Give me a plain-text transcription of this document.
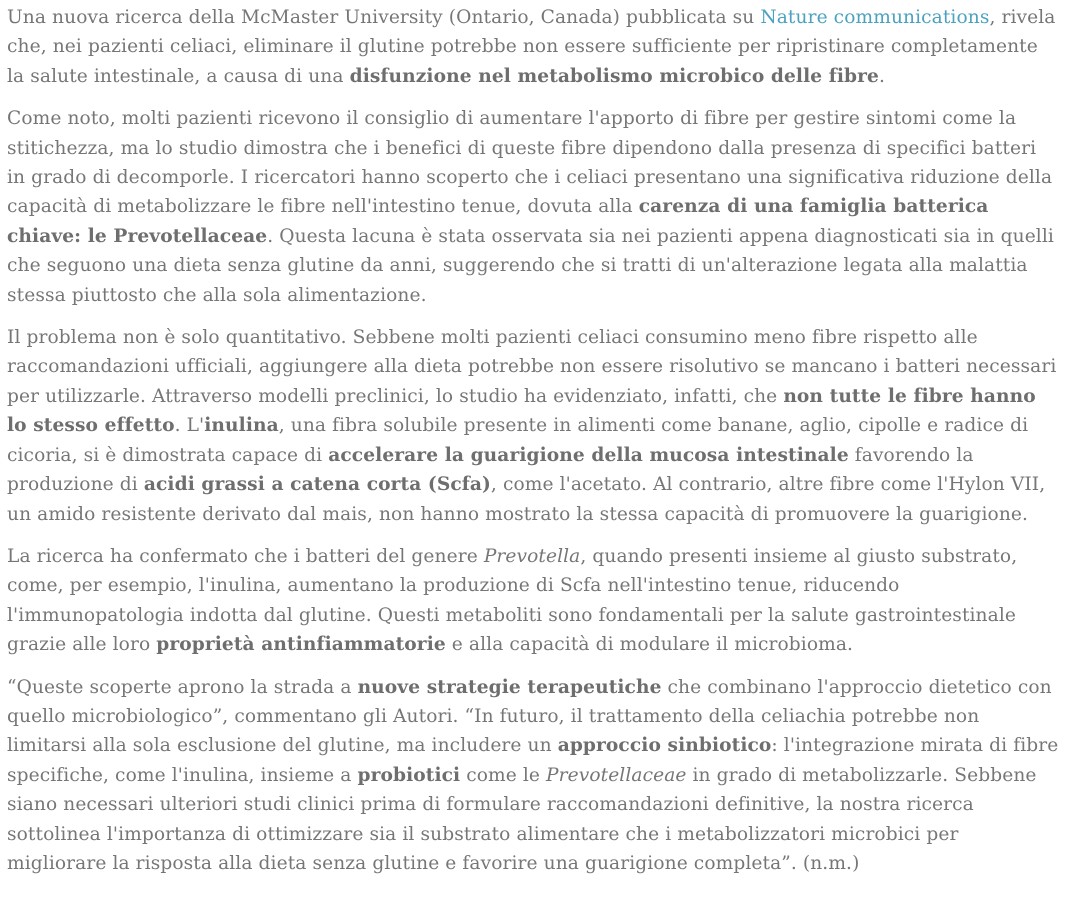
Una nuova ricerca della McMaster University (Ontario, Canada) pubblicata su Nature communications, rivela che, nei pazienti celiaci, eliminare il glutine potrebbe non essere sufficiente per ripristinare completamente la salute intestinale, a causa di una disfunzione nel metabolismo microbico delle fibre.

Come noto, molti pazienti ricevono il consiglio di aumentare l'apporto di fibre per gestire sintomi come la stitichezza, ma lo studio dimostra che i benefici di queste fibre dipendono dalla presenza di specifici batteri in grado di decomporle. I ricercatori hanno scoperto che i celiaci presentano una significativa riduzione della capacità di metabolizzare le fibre nell'intestino tenue, dovuta alla carenza di una famiglia batterica chiave: le Prevotellaceae. Questa lacuna è stata osservata sia nei pazienti appena diagnosticati sia in quelli che seguono una dieta senza glutine da anni, suggerendo che si tratti di un'alterazione legata alla malattia stessa piuttosto che alla sola alimentazione.

Il problema non è solo quantitativo. Sebbene molti pazienti celiaci consumino meno fibre rispetto alle raccomandazioni ufficiali, aggiungere alla dieta potrebbe non essere risolutivo se mancano i batteri necessari per utilizzarle. Attraverso modelli preclinici, lo studio ha evidenziato, infatti, che non tutte le fibre hanno lo stesso effetto. L'inulina, una fibra solubile presente in alimenti come banane, aglio, cipolle e radice di cicoria, si è dimostrata capace di accelerare la guarigione della mucosa intestinale favorendo la produzione di acidi grassi a catena corta (Scfa), come l'acetato. Al contrario, altre fibre come l'Hylon VII, un amido resistente derivato dal mais, non hanno mostrato la stessa capacità di promuovere la guarigione.

La ricerca ha confermato che i batteri del genere Prevotella, quando presenti insieme al giusto substrato, come, per esempio, l'inulina, aumentano la produzione di Scfa nell'intestino tenue, riducendo l'immunopatologia indotta dal glutine. Questi metaboliti sono fondamentali per la salute gastrointestinale grazie alle loro proprietà antinfiammatorie e alla capacità di modulare il microbioma.

“Queste scoperte aprono la strada a nuove strategie terapeutiche che combinano l'approccio dietetico con quello microbiologico”, commentano gli Autori. “In futuro, il trattamento della celiachia potrebbe non limitarsi alla sola esclusione del glutine, ma includere un approccio sinbiotico: l'integrazione mirata di fibre specifiche, come l'inulina, insieme a probiotici come le Prevotellaceae in grado di metabolizzarle. Sebbene siano necessari ulteriori studi clinici prima di formulare raccomandazioni definitive, la nostra ricerca sottolinea l'importanza di ottimizzare sia il substrato alimentare che i metabolizzatori microbici per migliorare la risposta alla dieta senza glutine e favorire una guarigione completa”. (n.m.)
